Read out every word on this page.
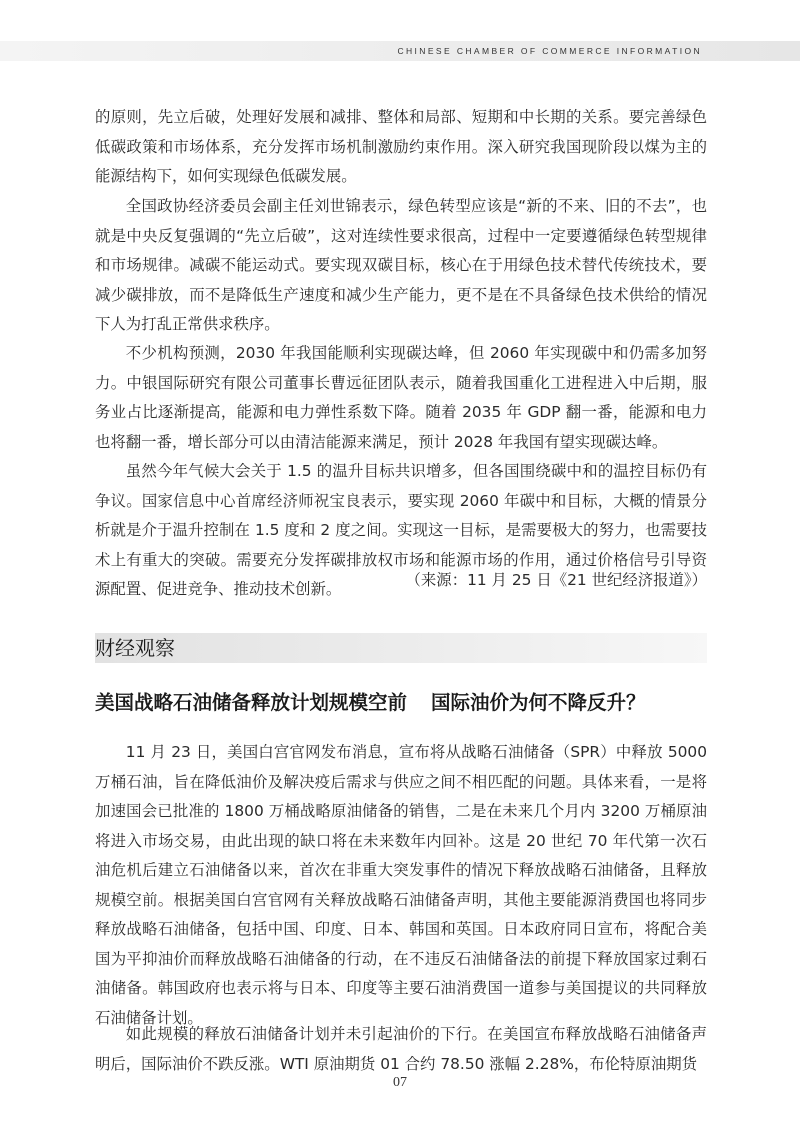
CHINESE CHAMBER OF COMMERCE INFORMATION

的原则，先立后破，处理好发展和减排、整体和局部、短期和中长期的关系。要完善绿色低碳政策和市场体系，充分发挥市场机制激励约束作用。深入研究我国现阶段以煤为主的能源结构下，如何实现绿色低碳发展。

全国政协经济委员会副主任刘世锦表示，绿色转型应该是“新的不来、旧的不去”，也就是中央反复强调的“先立后破”，这对连续性要求很高，过程中一定要遵循绿色转型规律和市场规律。减碳不能运动式。要实现双碳目标，核心在于用绿色技术替代传统技术，要减少碳排放，而不是降低生产速度和减少生产能力，更不是在不具备绿色技术供给的情况下人为打乱正常供求秩序。

不少机构预测，2030 年我国能顺利实现碳达峰，但 2060 年实现碳中和仍需多加努力。中银国际研究有限公司董事长曹远征团队表示，随着我国重化工进程进入中后期，服务业占比逐渐提高，能源和电力弹性系数下降。随着 2035 年 GDP 翻一番，能源和电力也将翻一番，增长部分可以由清洁能源来满足，预计 2028 年我国有望实现碳达峰。

虽然今年气候大会关于 1.5 的温升目标共识增多，但各国围绕碳中和的温控目标仍有争议。国家信息中心首席经济师祝宝良表示，要实现 2060 年碳中和目标，大概的情景分析就是介于温升控制在 1.5 度和 2 度之间。实现这一目标，是需要极大的努力，也需要技术上有重大的突破。需要充分发挥碳排放权市场和能源市场的作用，通过价格信号引导资源配置、促进竞争、推动技术创新。	（来源：11 月 25 日《21 世纪经济报道》）
财经观察
美国战略石油储备释放计划规模空前 国际油价为何不降反升？

11 月 23 日，美国白宫官网发布消息，宣布将从战略石油储备（SPR）中释放 5000 万桶石油，旨在降低油价及解决疫后需求与供应之间不相匹配的问题。具体来看，一是将加速国会已批准的 1800 万桶战略原油储备的销售，二是在未来几个月内 3200 万桶原油将进入市场交易，由此出现的缺口将在未来数年内回补。这是 20 世纪 70 年代第一次石油危机后建立石油储备以来，首次在非重大突发事件的情况下释放战略石油储备，且释放规模空前。根据美国白宫官网有关释放战略石油储备声明，其他主要能源消费国也将同步释放战略石油储备，包括中国、印度、日本、韩国和英国。日本政府同日宣布，将配合美国为平抑油价而释放战略石油储备的行动，在不违反石油储备法的前提下释放国家过剩石油储备。韩国政府也表示将与日本、印度等主要石油消费国一道参与美国提议的共同释放石油储备计划。

如此规模的释放石油储备计划并未引起油价的下行。在美国宣布释放战略石油储备声明后，国际油价不跌反涨。WTI 原油期货 01 合约 78.50 涨幅 2.28%，布伦特原油期货

07
